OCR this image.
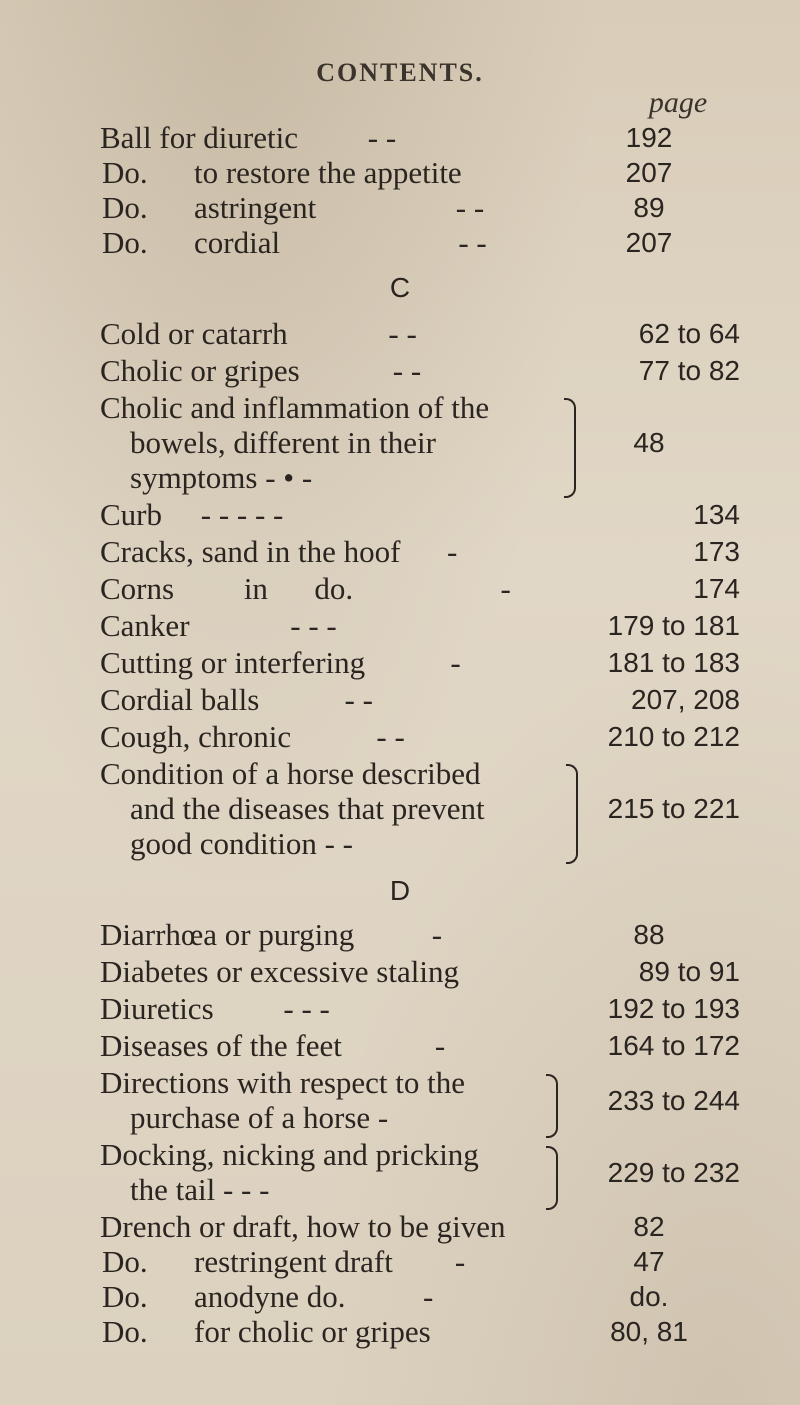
CONTENTS.
page
Ball for diuretic - -	192
Do. to restore the appetite	207
Do. astringent	- -	89
Do. cordial	- -	207
C
Cold or catarrh	- -	62 to 64
Cholic or gripes	- -	77 to 82
Cholic and inflammation of the
bowels, different in their	48
symptoms - • -
Curb - - - - -	134
Cracks, sand in the hoof -	173
Corns         in      do.	-	174
Canker	- - -	179 to 181
Cutting or interfering	-	181 to 183
Cordial balls	- -	207, 208
Cough, chronic	- -	210 to 212
Condition of a horse described
and the diseases that prevent	215 to 221
good condition - -
D
Diarrhœa or purging	-	88
Diabetes or excessive staling	89 to 91
Diuretics - - -	192 to 193
Diseases of the feet	-	164 to 172
Directions with respect to the
purchase of a horse -	233 to 244
Docking, nicking and pricking
the tail - - -	229 to 232
Drench or draft, how to be given	82
Do. restringent draft -	47
Do. anodyne do.	-	do.
Do. for cholic or gripes	80, 81
